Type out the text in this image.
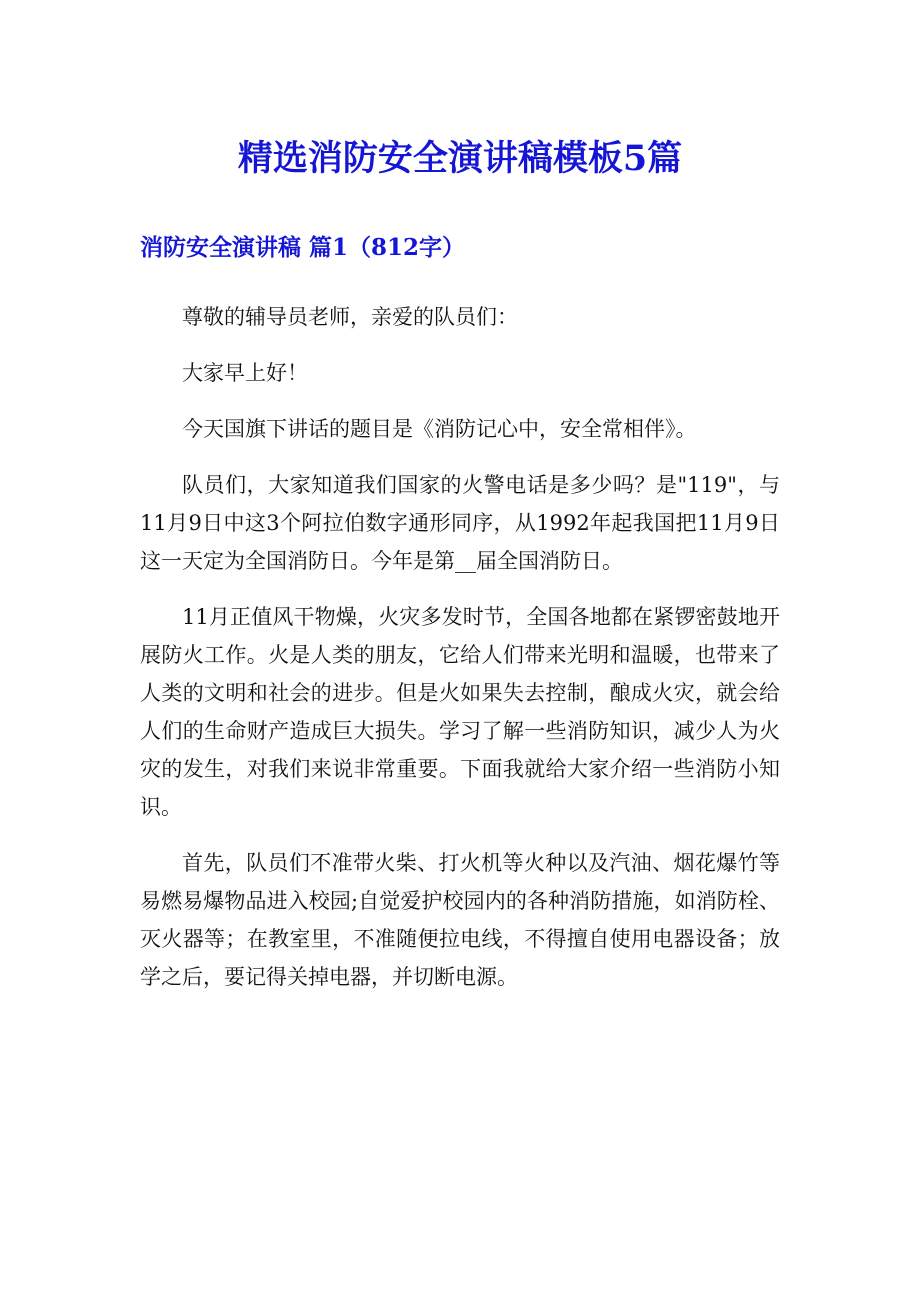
精选消防安全演讲稿模板5篇
消防安全演讲稿 篇1（812字）

尊敬的辅导员老师，亲爱的队员们：

大家早上好！

今天国旗下讲话的题目是《消防记心中，安全常相伴》。

队员们，大家知道我们国家的火警电话是多少吗？是"119"，与11月9日中这3个阿拉伯数字通形同序，从1992年起我国把11月9日这一天定为全国消防日。今年是第__届全国消防日。

11月正值风干物燥，火灾多发时节，全国各地都在紧锣密鼓地开展防火工作。火是人类的朋友，它给人们带来光明和温暖，也带来了人类的文明和社会的进步。但是火如果失去控制，酿成火灾，就会给人们的生命财产造成巨大损失。学习了解一些消防知识，减少人为火灾的发生，对我们来说非常重要。下面我就给大家介绍一些消防小知识。

首先，队员们不准带火柴、打火机等火种以及汽油、烟花爆竹等易燃易爆物品进入校园;自觉爱护校园内的各种消防措施，如消防栓、灭火器等；在教室里，不准随便拉电线，不得擅自使用电器设备；放学之后，要记得关掉电器，并切断电源。
